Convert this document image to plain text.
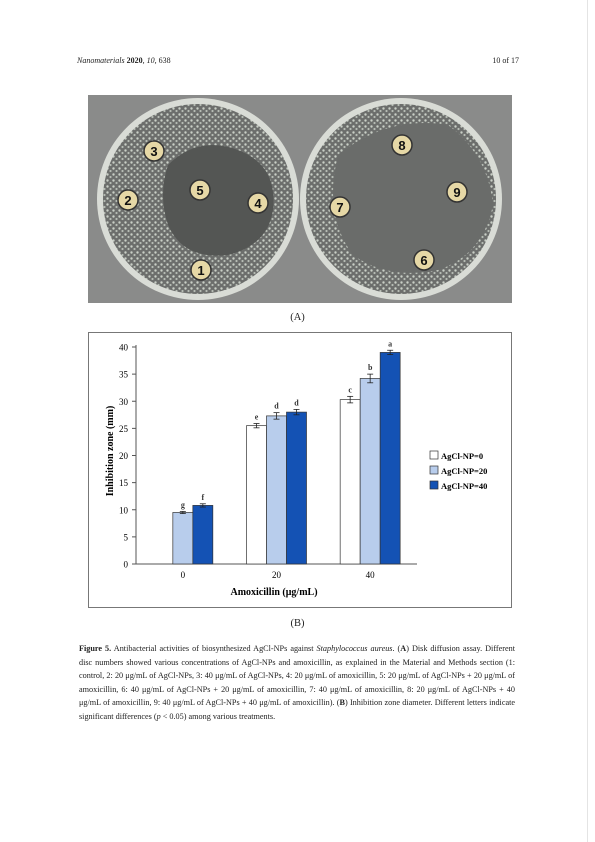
Nanomaterials 2020, 10, 638	10 of 17
1
2
3
4
5
6
7
8
9
(A)
0
5
10
15
20
25
30
35
40
0	20	40
g
f
e
d d
c
b
a
AgCl-NP=0
AgCl-NP=20
AgCl-NP=40
Inhibition zone (mm)
Amoxicillin (μg/mL)
(B)
Figure 5. Antibacterial activities of biosynthesized AgCl-NPs against Staphylococcus aureus. (A) Disk diffusion assay. Different disc numbers showed various concentrations of AgCl-NPs and amoxicillin, as explained in the Material and Methods section (1: control, 2: 20 μg/mL of AgCl-NPs, 3: 40 μg/mL of AgCl-NPs, 4: 20 μg/mL of amoxicillin, 5: 20 μg/mL of AgCl-NPs + 20 μg/mL of amoxicillin, 6: 40 μg/mL of AgCl-NPs + 20 μg/mL of amoxicillin, 7: 40 μg/mL of amoxicillin, 8: 20 μg/mL of AgCl-NPs + 40 μg/mL of amoxicillin, 9: 40 μg/mL of AgCl-NPs + 40 μg/mL of amoxicillin). (B) Inhibition zone diameter. Different letters indicate significant differences (p < 0.05) among various treatments.
